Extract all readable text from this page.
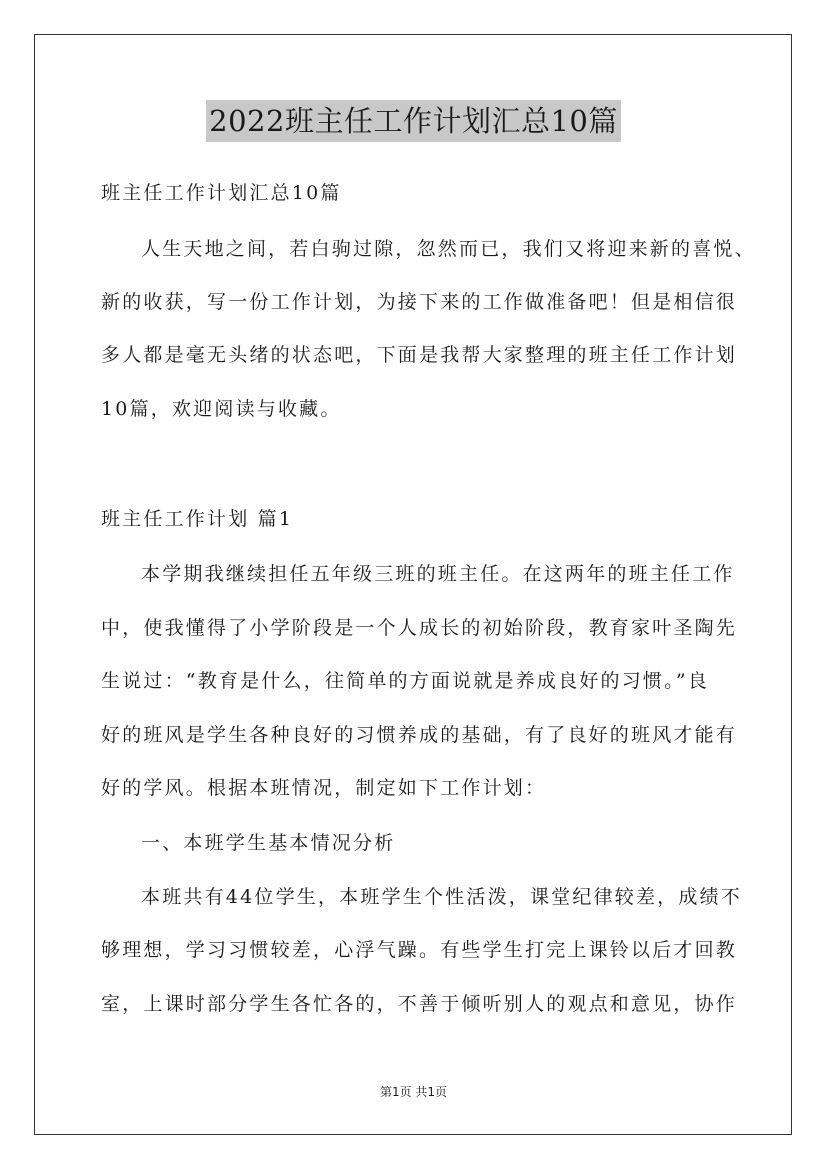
2022班主任工作计划汇总10篇
班主任工作计划汇总10篇
人生天地之间，若白驹过隙，忽然而已，我们又将迎来新的喜悦、
新的收获，写一份工作计划，为接下来的工作做准备吧！但是相信很
多人都是毫无头绪的状态吧，下面是我帮大家整理的班主任工作计划
10篇，欢迎阅读与收藏。
班主任工作计划 篇1
本学期我继续担任五年级三班的班主任。在这两年的班主任工作
中，使我懂得了小学阶段是一个人成长的初始阶段，教育家叶圣陶先
生说过：“教育是什么，往简单的方面说就是养成良好的习惯。”良
好的班风是学生各种良好的习惯养成的基础，有了良好的班风才能有
好的学风。根据本班情况，制定如下工作计划：
一、本班学生基本情况分析
本班共有44位学生，本班学生个性活泼，课堂纪律较差，成绩不
够理想，学习习惯较差，心浮气躁。有些学生打完上课铃以后才回教
室，上课时部分学生各忙各的，不善于倾听别人的观点和意见，协作
第1页 共1页
